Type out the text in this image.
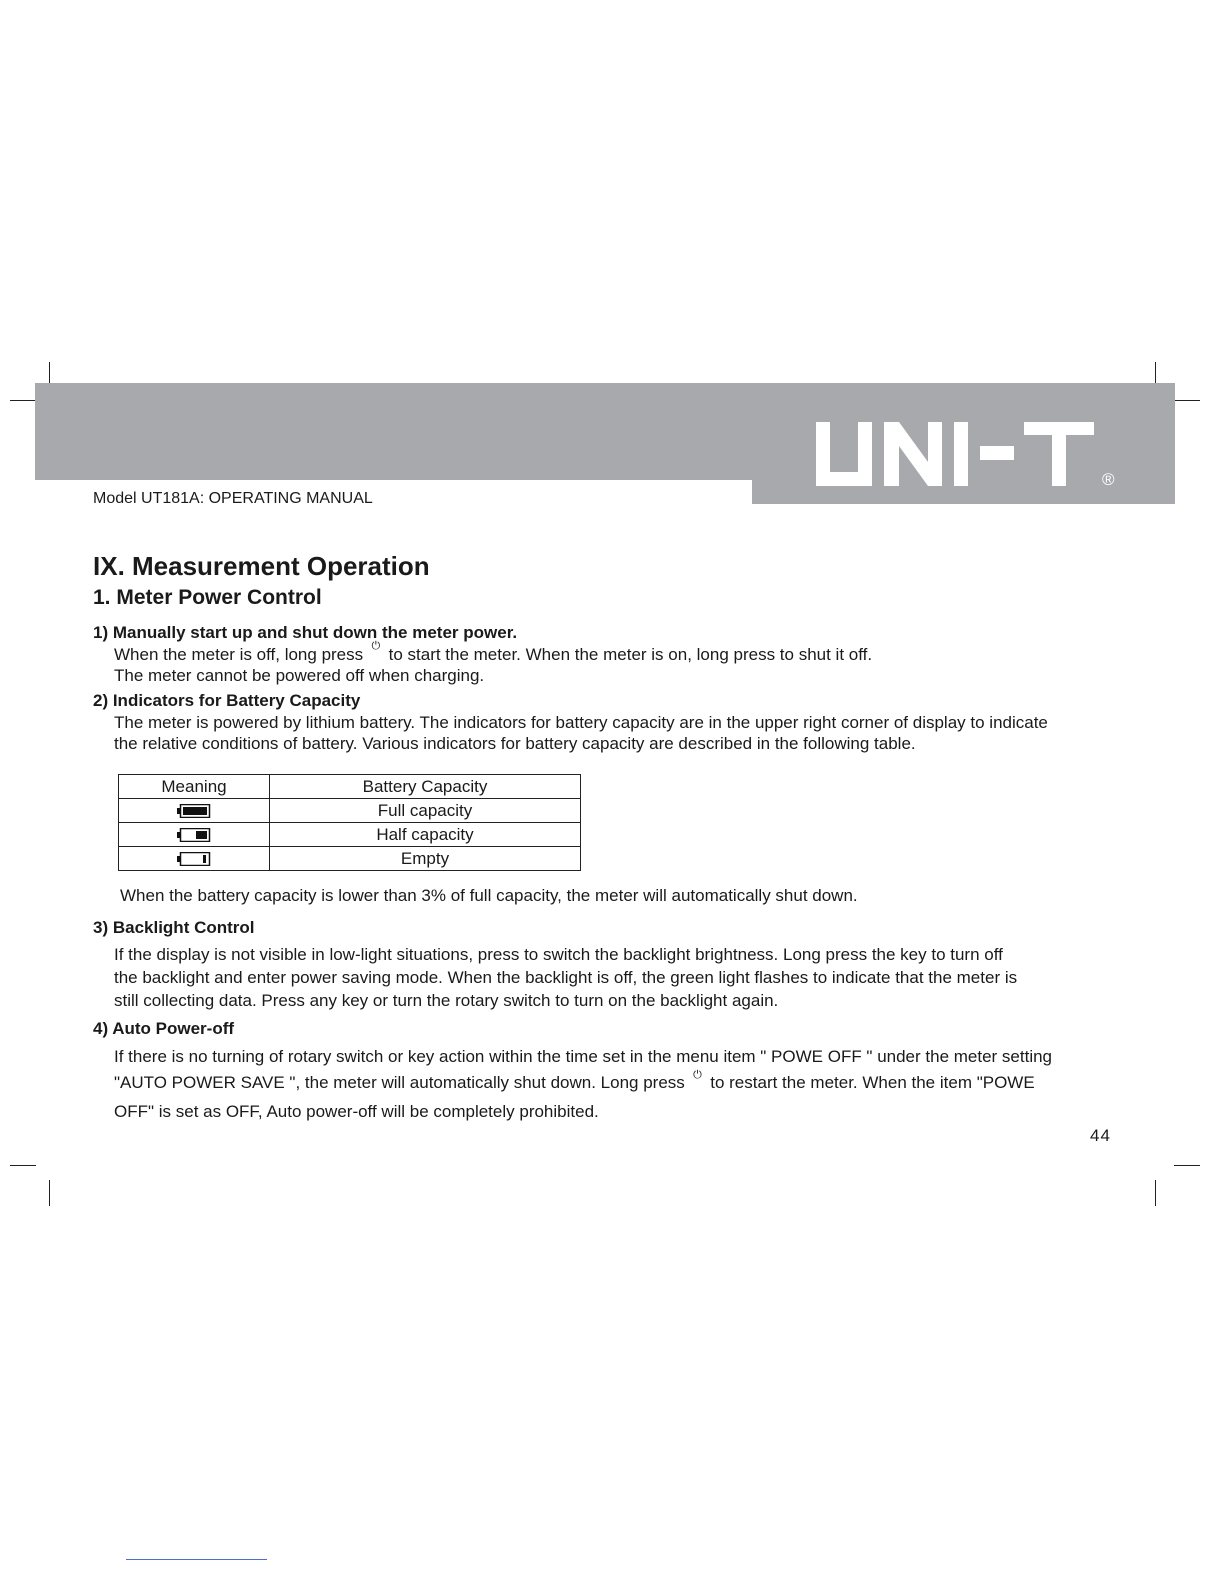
®
Model UT181A: OPERATING MANUAL
IX. Measurement Operation
1. Meter Power Control
1) Manually start up and shut down the meter power.

When the meter is off, long press ⏻ to start the meter. When the meter is on, long press to shut it off.

The meter cannot be powered off when charging.

2) Indicators for Battery Capacity

The meter is powered by lithium battery. The indicators for battery capacity are in the upper right corner of display to indicate

the relative conditions of battery. Various indicators for battery capacity are described in the following table.

Meaning	Battery Capacity
	Full capacity
	Half capacity
	Empty

When the battery capacity is lower than 3% of full capacity, the meter will automatically shut down.

3) Backlight Control

If the display is not visible in low-light situations, press to switch the backlight brightness. Long press the key to turn off

the backlight and enter power saving mode. When the backlight is off, the green light flashes to indicate that the meter is

still collecting data. Press any key or turn the rotary switch to turn on the backlight again.

4) Auto Power-off

If there is no turning of rotary switch or key action within the time set in the menu item " POWE OFF " under the meter setting

"AUTO POWER SAVE ", the meter will automatically shut down. Long press ⏻ to restart the meter. When the item "POWE

OFF" is set as OFF, Auto power-off will be completely prohibited.

44
